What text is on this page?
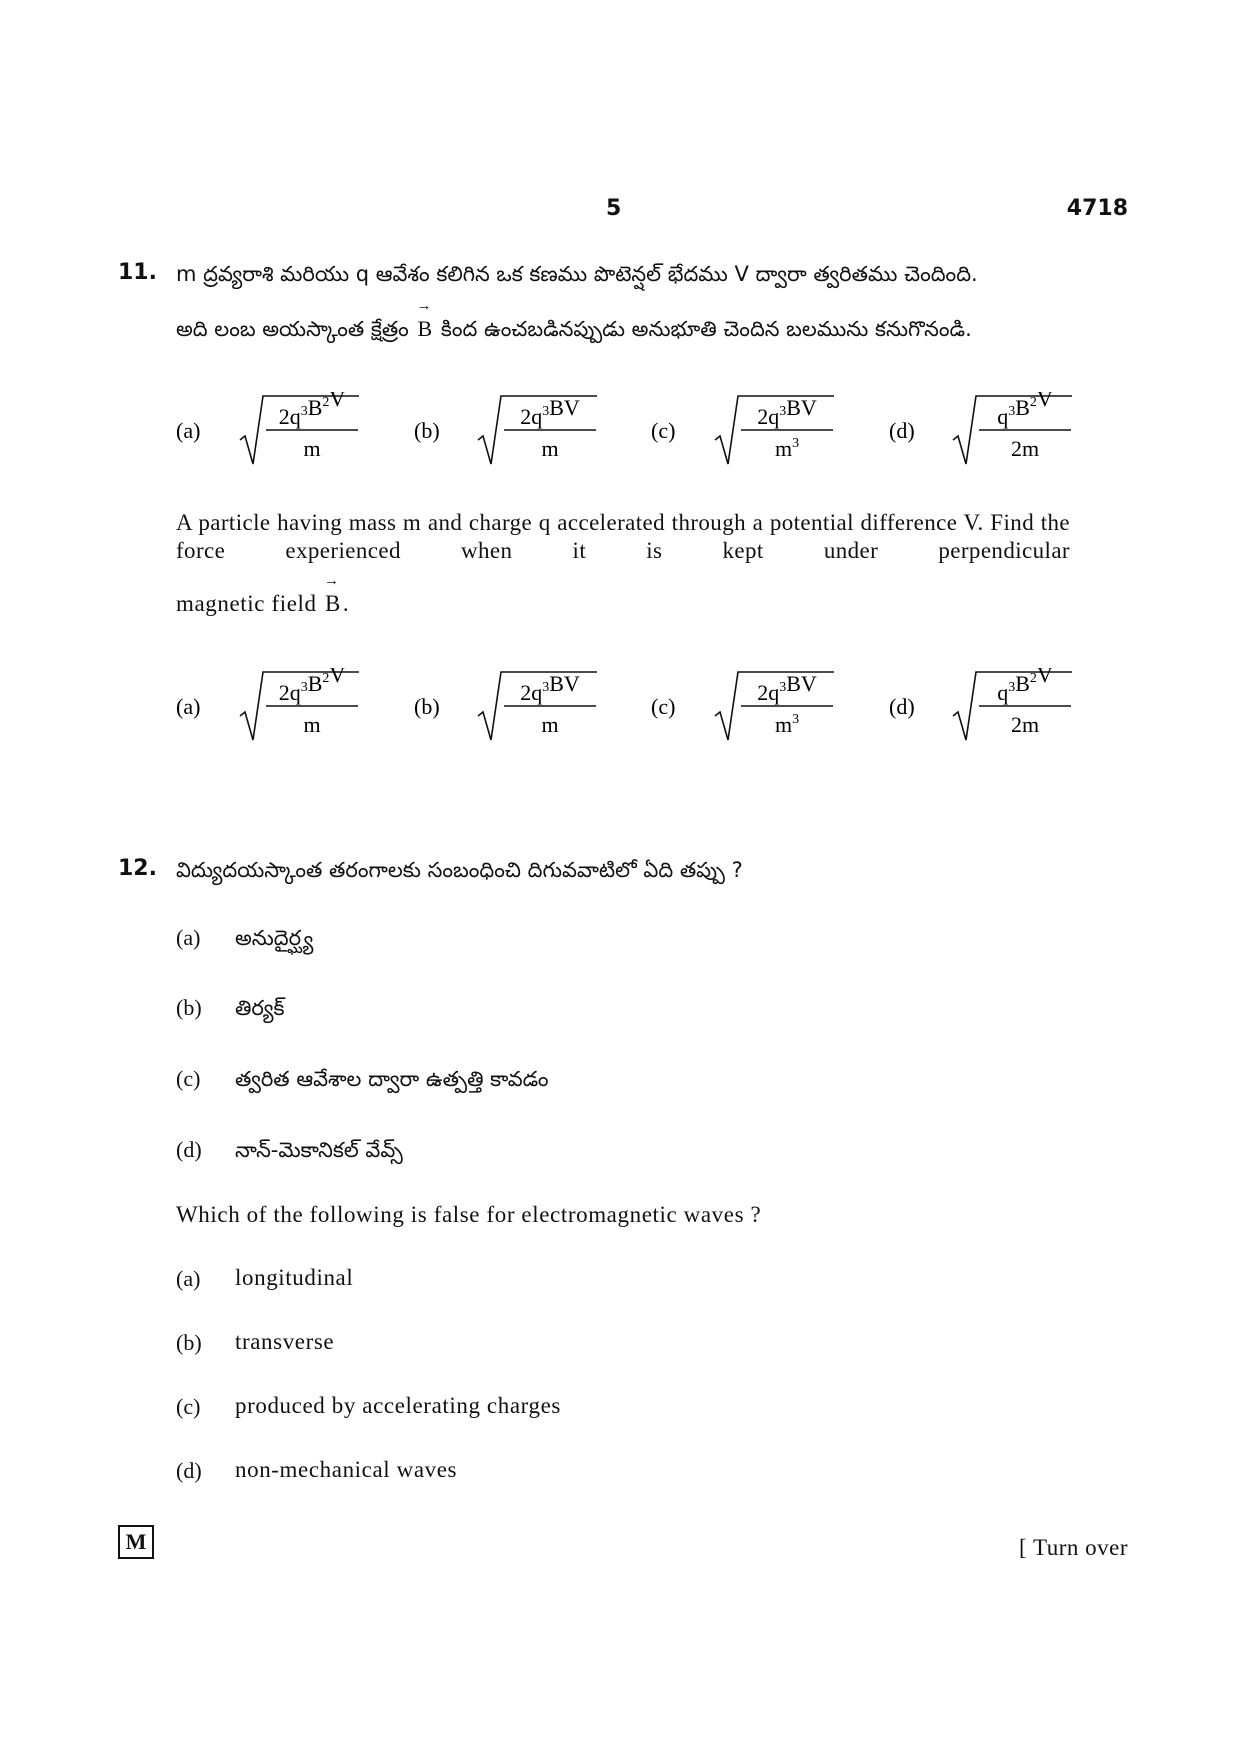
5	4718
11. m ద్రవ్యరాశి మరియు q ఆవేశం కలిగిన ఒక కణము పొటెన్షల్ భేదము V ద్వారా త్వరితము చెందింది.
అది లంబ అయస్కాంత క్షేత్రం → B కింద ఉంచబడినప్పుడు అనుభూతి చెందిన బలమును కనుగొనండి.
(a)
$2q^3B^2V$
m
(b)
$2q^3BV$
m
(c)
$2q^3BV$
$m^3$
(d)
$q^3B^2V$
2m
A particle having mass m and charge q accelerated through a potential difference V. Find the force experienced when it is kept under perpendicular
magnetic field → B.
(a)
$2q^3B^2V$
m
(b)
$2q^3BV$
m
(c)
$2q^3BV$
$m^3$
(d)
$q^3B^2V$
2m
12. విద్యుదయస్కాంత తరంగాలకు సంబంధించి దిగువవాటిలో ఏది తప్పు ?
(a) అనుదైర్ఘ్య
(b) తిర్యక్
(c) త్వరిత ఆవేశాల ద్వారా ఉత్పత్తి కావడం
(d) నాన్-మెకానికల్ వేవ్స్
Which of the following is false for electromagnetic waves ?
(a) longitudinal
(b) transverse
(c) produced by accelerating charges
(d) non-mechanical waves
M	[ Turn over
